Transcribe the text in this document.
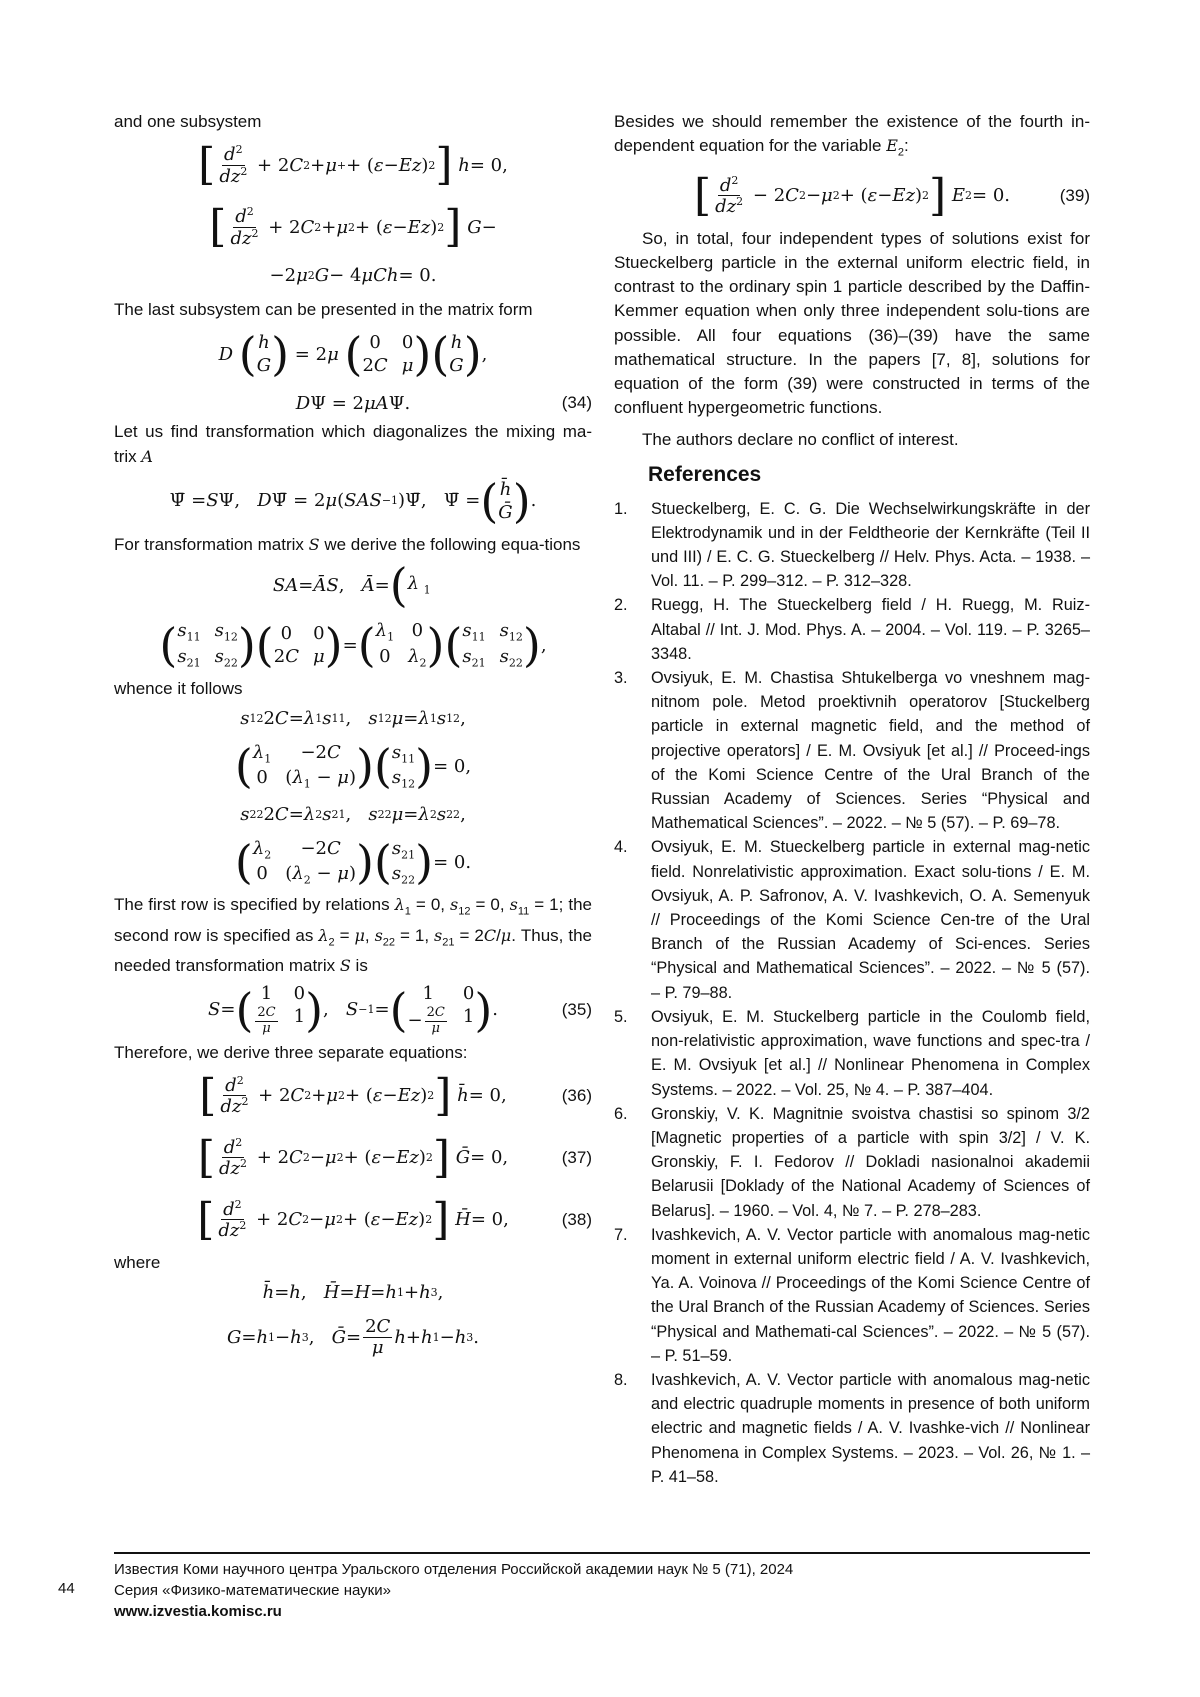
and one subsystem

[ $\frac{d^2}{dz^2} + 2$ C 2 + μ + + ( ε − Ez ) 2 ]
h = 0,
[ $\frac{d^2}{dz^2} + 2$ C 2 + μ 2 + ( ε − Ez ) 2 ]
G −
−2 μ 2 G − 4 μCh = 0.

The last subsystem can be presented in the matrix form

D
( h
G ) = 2 μ
( 0	0
2C μ ) ( h
G ) ,
D Ψ = 2 μA Ψ.	(34)

Let us find transformation which diagonalizes the mixing ma-trix A

Ψ̄ = S Ψ, D Ψ̄ = 2 μ ( SAS −1 )Ψ̄,   Ψ̄ = ( h̄
Ḡ ) .

For transformation matrix S we derive the following equa-tions

SA = ĀS , Ā = ( λ $_1$
( $s_{11}$ $s_{12}$
$s_{21}$ $s_{22}$ ) ( 0	0
2C μ ) = ( $\lambda_1$ 0
0 $\lambda_2$ ) ( $s_{11}$ $s_{12}$
$s_{21}$ $s_{22}$ ) ,

whence it follows

s 12 2 C = λ 1 s 11 , s 12 μ = λ 1 s 12 ,
( $\lambda_1$	−2C
0 $(\lambda_1 - \mu)$ ) ( $s_{11}$
$s_{12}$ ) = 0,
s 22 2 C = λ 2 s 21 , s 22 μ = λ 2 s 22 ,
( $\lambda_2$	−2C
0 $(\lambda_2 - \mu)$ ) ( $s_{21}$
$s_{22}$ ) = 0.

The first row is specified by relations $\lambda_1 = 0$, $s_{12} = 0$, $s_{11} = 1$; the second row is specified as $\lambda_2 = \mu$, $s_{22} = 1$, $s_{21} = 2C/\mu$. Thus, the needed transformation matrix S is

S = ( 1	0
$\frac{2C}{\mu} 1$ ) , S −1 = ( 1	0
− $\frac{2C}{\mu} 1$ ) .	(35)

Therefore, we derive three separate equations:

[ $\frac{d^2}{dz^2} + 2$ C 2 + μ 2 + ( ε − Ez ) 2 ]
h̄ = 0,	(36)
[ $\frac{d^2}{dz^2} + 2$ C 2 − μ 2 + ( ε − Ez ) 2 ]
Ḡ = 0,	(37)
[ $\frac{d^2}{dz^2} + 2$ C 2 − μ 2 + ( ε − Ez ) 2 ]
H̄ = 0,	(38)

where

h̄ = h , H̄ = H = h 1 + h 3 ,
G = h 1 − h 3 , Ḡ = $\frac{2C}{\mu}$ h + h 1 − h 3 .

Besides we should remember the existence of the fourth in-dependent equation for the variable $E_2$:

[ $\frac{d^2}{dz^2} - 2$ C 2 − μ 2 + ( ε − Ez ) 2 ]
E 2 = 0.	(39)

So, in total, four independent types of solutions exist for Stueckelberg particle in the external uniform electric field, in contrast to the ordinary spin 1 particle described by the Daffin-Kemmer equation when only three independent solu-tions are possible. All four equations (36)–(39) have the same mathematical structure. In the papers [7, 8], solutions for equation of the form (39) were constructed in terms of the confluent hypergeometric functions.

The authors declare no conflict of interest.

References
1.	Stueckelberg, E. C. G. Die Wechselwirkungskräfte in der Elektrodynamik und in der Feldtheorie der Kernkräfte (Teil II und III) / E. C. G. Stueckelberg // Helv. Phys. Acta. – 1938. – Vol. 11. – P. 299–312. – P. 312–328.
2.	Ruegg, H. The Stueckelberg field / H. Ruegg, M. Ruiz-Altabal // Int. J. Mod. Phys. A. – 2004. – Vol. 119. – P. 3265–3348.
3.	Ovsiyuk, E. M. Chastisa Shtukelberga vo vneshnem mag-nitnom pole. Metod proektivnih operatorov [Stuckelberg particle in external magnetic field, and the method of projective operators] / E. M. Ovsiyuk [et al.] // Proceed-ings of the Komi Science Centre of the Ural Branch of the Russian Academy of Sciences. Series “Physical and Mathematical Sciences”. – 2022. – № 5 (57). – P. 69–78.
4.	Ovsiyuk, E. M. Stueckelberg particle in external mag-netic field. Nonrelativistic approximation. Exact solu-tions / E. M. Ovsiyuk, A. P. Safronov, A. V. Ivashkevich, O. A. Semenyuk // Proceedings of the Komi Science Cen-tre of the Ural Branch of the Russian Academy of Sci-ences. Series “Physical and Mathematical Sciences”. – 2022. – № 5 (57). – P. 79–88.
5.	Ovsiyuk, E. M. Stuckelberg particle in the Coulomb field, non-relativistic approximation, wave functions and spec-tra / E. M. Ovsiyuk [et al.] // Nonlinear Phenomena in Complex Systems. – 2022. – Vol. 25, № 4. – P. 387–404.
6.	Gronskiy, V. K. Magnitnie svoistva chastisi so spinom 3/2 [Magnetic properties of a particle with spin 3/2] / V. K. Gronskiy, F. I. Fedorov // Dokladi nasionalnoi akademii Belarusii [Doklady of the National Academy of Sciences of Belarus]. – 1960. – Vol. 4, № 7. – P. 278–283.
7.	Ivashkevich, A. V. Vector particle with anomalous mag-netic moment in external uniform electric field / A. V. Ivashkevich, Ya. A. Voinova // Proceedings of the Komi Science Centre of the Ural Branch of the Russian Academy of Sciences. Series “Physical and Mathemati-cal Sciences”. – 2022. – № 5 (57). – P. 51–59.
8.	Ivashkevich, A. V. Vector particle with anomalous mag-netic and electric quadruple moments in presence of both uniform electric and magnetic fields / A. V. Ivashke-vich // Nonlinear Phenomena in Complex Systems. – 2023. – Vol. 26, № 1. – P. 41–58.
44
Известия Коми научного центра Уральского отделения Российской академии наук № 5 (71), 2024
Серия «Физико-математические науки»
www.izvestia.komisc.ru
